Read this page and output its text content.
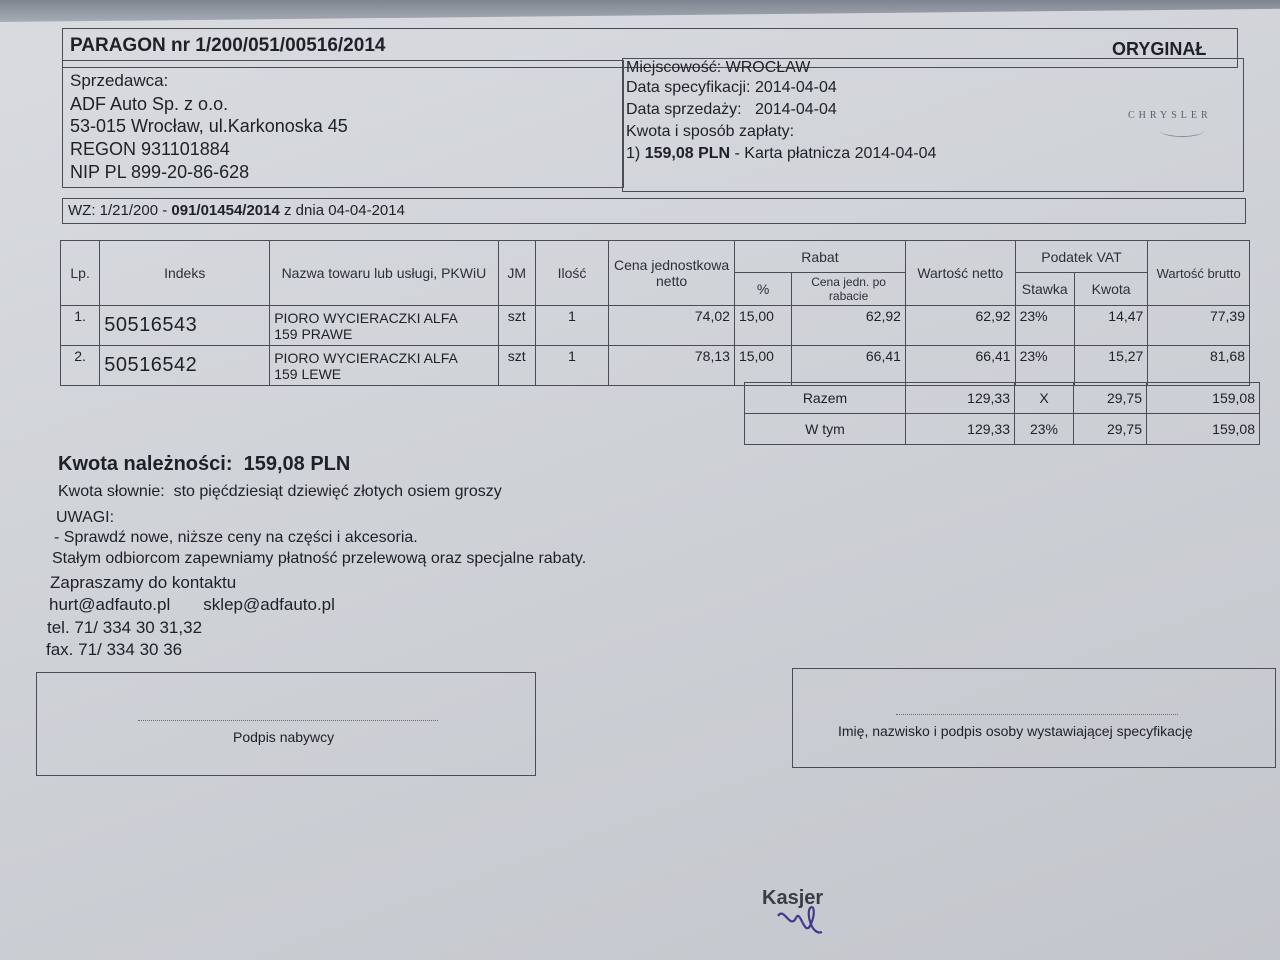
PARAGON nr 1/200/051/00516/2014	ORYGINAŁ
Sprzedawca:
ADF Auto Sp. z o.o.
53-015 Wrocław, ul.Karkonoska 45
REGON 931101884
NIP PL 899-20-86-628
Miejscowość: WROCŁAW
Data specyfikacji: 2014-04-04
Data sprzedaży: 2014-04-04
Kwota i sposób zapłaty:
1) 159,08 PLN - Karta płatnicza 2014-04-04
CHRYSLER
WZ: 1/21/200 - 091/01454/2014 z dnia 04-04-2014
Lp.	Indeks	Nazwa towaru lub usługi, PKWiU	JM	Ilość	Cena jednostkowa netto	Rabat		Wartość netto	Podatek VAT		Wartość brutto
						%	Cena jedn. po rabacie		Stawka	Kwota	
1.	50516543	PIORO WYCIERACZKI ALFA
159 PRAWE	szt	1	74,02	15,00	62,92	62,92	23%	14,47	77,39
2.	50516542	PIORO WYCIERACZKI ALFA
159 LEWE	szt	1	78,13	15,00	66,41	66,41	23%	15,27	81,68
Razem	129,33	X	29,75	159,08
W tym	129,33	23%	29,75	159,08
Kwota należności: 159,08 PLN
Kwota słownie: sto pięćdziesiąt dziewięć złotych osiem groszy
UWAGI:
- Sprawdź nowe, niższe ceny na części i akcesoria.
Stałym odbiorcom zapewniamy płatność przelewową oraz specjalne rabaty.
Zapraszamy do kontaktu
hurt@adfauto.pl sklep@adfauto.pl
tel. 71/ 334 30 31,32
fax. 71/ 334 30 36
Podpis nabywcy	Imię, nazwisko i podpis osoby wystawiającej specyfikację
Kasjer
